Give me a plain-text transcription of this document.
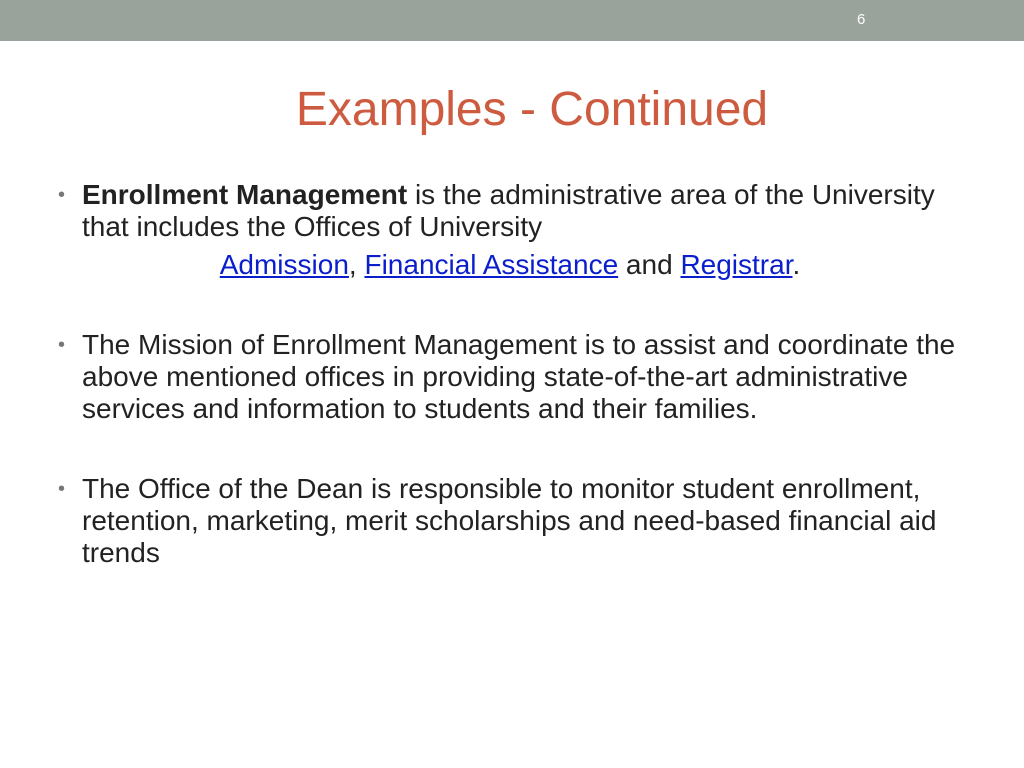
6
Examples - Continued
• Enrollment Management is the administrative area of the University that includes the Offices of University
Admission, Financial Assistance and Registrar.
• The Mission of Enrollment Management is to assist and coordinate the above mentioned offices in providing state-of-the-art administrative services and information to students and their families.
• The Office of the Dean is responsible to monitor student enrollment, retention, marketing, merit scholarships and need-based financial aid trends
